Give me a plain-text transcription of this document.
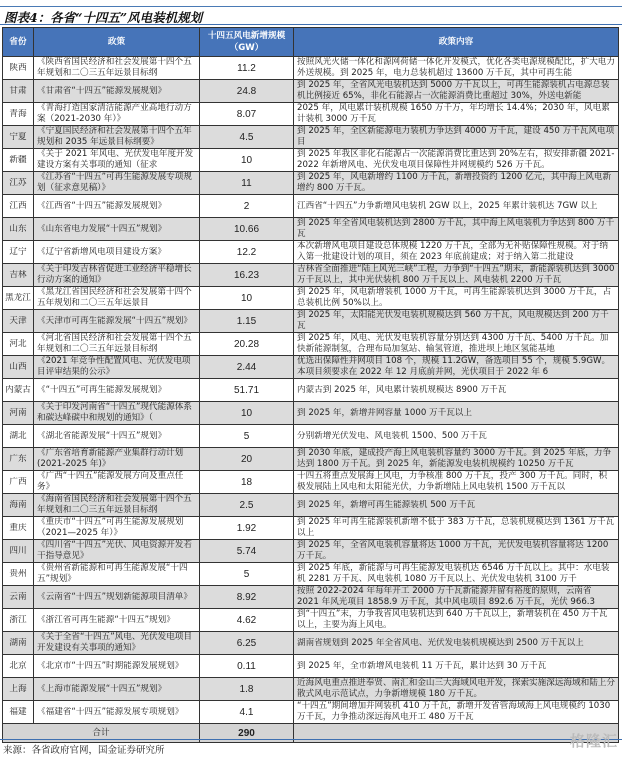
图表4：各省“十四五”风电装机规划
省份	政策	十四五风电新增规模（GW）	政策内容

陕西	《陕西省国民经济和社会发展第十四个五年规划和二〇三五年远景目标纲	11.2	按照风光火储一体化和源网荷储一体化开发模式，优化各类电源规模配比，扩大电力外送规模。到 2025 年，电力总装机超过 13600 万千瓦，其中可再生能

甘肃	《甘肃省“十四五”能源发展规划》	24.8	到 2025 年，全省风光电装机达到 5000 万千瓦以上，可再生能源装机占电源总装机比例接近 65%，非化石能源占一次能源消费比重超过 30%，外送电新能

青海	《青海打造国家清洁能源产业高地行动方案（2021-2030 年）》	8.07	2025 年，风电累计装机规模 1650 万千万，年均增长 14.4%；2030 年，风电累计装机 3000 万千瓦

宁夏	《宁夏国民经济和社会发展第十四个五年规划和 2035 年远景目标纲要》	4.5	到 2025 年，全区新能源电力装机力争达到 4000 万千瓦，建设 450 万千瓦风电项目

新疆	《关于 2021 年风电、光伏发电年度开发建设方案有关事项的通知（征求	10	到 2025 年我区非化石能源占一次能源消费比重达到 20%左右，拟安排新疆 2021-2022 年新增风电、光伏发电项目保障性并网规模约 526 万千瓦。

江苏	《江苏省“十四五”可再生能源发展专项规划（征求意见稿）》	11	到 2025 年，风电新增约 1100 万千瓦，新增投资约 1200 亿元，其中海上风电新增约 800 万千瓦。

江西	《江西省“十四五”能源发展规划》	2	江西省“十四五”力争新增风电装机 2GW 以上，2025 年累计装机达 7GW 以上

山东	《山东省电力发展“十四五”规划》	10.66	到 2025 年全省风电装机达到 2800 万千瓦，其中海上风电装机力争达到 800 万千瓦

辽宁	《辽宁省新增风电项目建设方案》	12.2	本次新增风电项目建设总体规模 1220 万千瓦，全部为无补贴保障性规模。对于纳入第一批建设计划的项目，须在 2023 年底前建成；对于纳入第二批建设

吉林	《关于印发吉林省促进工业经济平稳增长行动方案的通知》	16.23	吉林省全面推进“陆上风光三峡”工程，力争到“十四五”期末，新能源装机达到 3000 万千瓦以上，其中光伏装机 800 万千瓦以上、风电装机 2200 万千瓦

黑龙江	《黑龙江省国民经济和社会发展第十四个五年规划和二〇三五年远景目	10	到 2025 年，风电新增装机 1000 万千瓦，可再生能源装机达到 3000 万千瓦，占总装机比例 50%以上。

天津	《天津市可再生能源发展“十四五”规划》	1.15	到 2025 年，太阳能光伏发电装机规模达到 560 万千瓦，风电规模达到 200 万千瓦

河北	《河北省国民经济和社会发展第十四个五年规划和二〇三五年远景目标纲	20.28	到 2025 年，风电、光伏发电装机容量分别达到 4300 万千瓦、5400 万千瓦。加快新能源制氢，合理布局加氢站、输氢管道，推进坝上地区氢能基地

山西	《2021 年竞争性配置风电、光伏发电项目评审结果的公示》	2.44	优选出保障性并网项目 108 个，规模 11.2GW，备选项目 55 个，规模 5.9GW。本项目须要求在 2022 年 12 月底前并网，光伏项目于 2022 年 6

内蒙古	《“十四五”可再生能源发展规划》	51.71	内蒙古到 2025 年，风电累计装机规模达 8900 万千瓦

河南	《关于印发河南省“十四五”现代能源体系和碳达峰碳中和规划的通知》（	10	到 2025 年，新增并网容量 1000 万千瓦以上

湖北	《湖北省能源发展“十四五”规划》	5	分别新增光伏发电、风电装机 1500、500 万千瓦

广东	《广东省培育新能源产业集群行动计划(2021-2025 年)》	20	到 2030 年底，建成投产海上风电装机容量约 3000 万千瓦。到 2025 年底，力争达到 1800 万千瓦。到 2025 年，新能源发电装机规模约 10250 万千瓦

广西	《广西“十四五”能源发展方向及重点任务》	18	十四五将重点发展海上风电，力争核准 800 万千瓦，投产 300 万千瓦。同时，积极发展陆上风电和太阳能光伏，力争新增陆上风电装机 1500 万千瓦以

海南	《海南省国民经济和社会发展第十四个五年规划和二〇三五年远景目标纲	2.5	到 2025 年，新增可再生能源装机 500 万千瓦

重庆	《重庆市“十四五”可再生能源发展规划（2021—2025 年）》	1.92	到 2025 年可再生能源装机新增不低于 383 万千瓦，总装机规模达到 1361 万千瓦以上

四川	《四川省“十四五”光伏、风电资源开发若干指导意见》	5.74	到 2025 年，全省风电装机容量将达 1000 万千瓦，光伏发电装机容量将达 1200 万千瓦。

贵州	《贵州省新能源和可再生能源发展“十四五”规划》	5	到 2025 年底，新能源与可再生能源发电装机达 6546 万千瓦以上。其中：水电装机 2281 万千瓦、风电装机 1080 万千瓦以上、光伏发电装机 3100 万千

云南	《云南省“十四五”规划新能源项目清单》	8.92	按照 2022-2024 年每年开工 2000 万千瓦新能源并留有裕度的原则，云南省 2021 年风光项目 1858.9 万千瓦，其中风电项目 892.6 万千瓦，光伏 966.3

浙江	《浙江省可再生能源“十四五”规划》	4.62	到“十四五”末，力争我省风电装机达到 640 万千瓦以上，新增装机在 450 万千瓦以上，主要为海上风电。

湖南	《关于全省“十四五”风电、光伏发电项目开发建设有关事项的通知》	6.25	湖南省规划到 2025 年全省风电、光伏发电装机规模达到 2500 万千瓦以上

北京	《北京市“十四五”时期能源发展规划》	0.11	到 2025 年，全市新增风电装机 11 万千瓦，累计达到 30 万千瓦

上海	《上海市能源发展“十四五”规划》	1.8	近海风电重点推进奉贤、南汇和金山三大海域风电开发，探索实施深远海域和陆上分散式风电示范试点，力争新增规模 180 万千瓦。

福建	《福建省“十四五”能源发展专项规划》	4.1	“十四五”期间增加并网装机 410 万千瓦，新增开发省管海域海上风电规模约 1030 万千瓦，力争推动深远海风电开工 480 万千瓦

合计		290	
来源：各省政府官网，国金证券研究所
格隆汇
